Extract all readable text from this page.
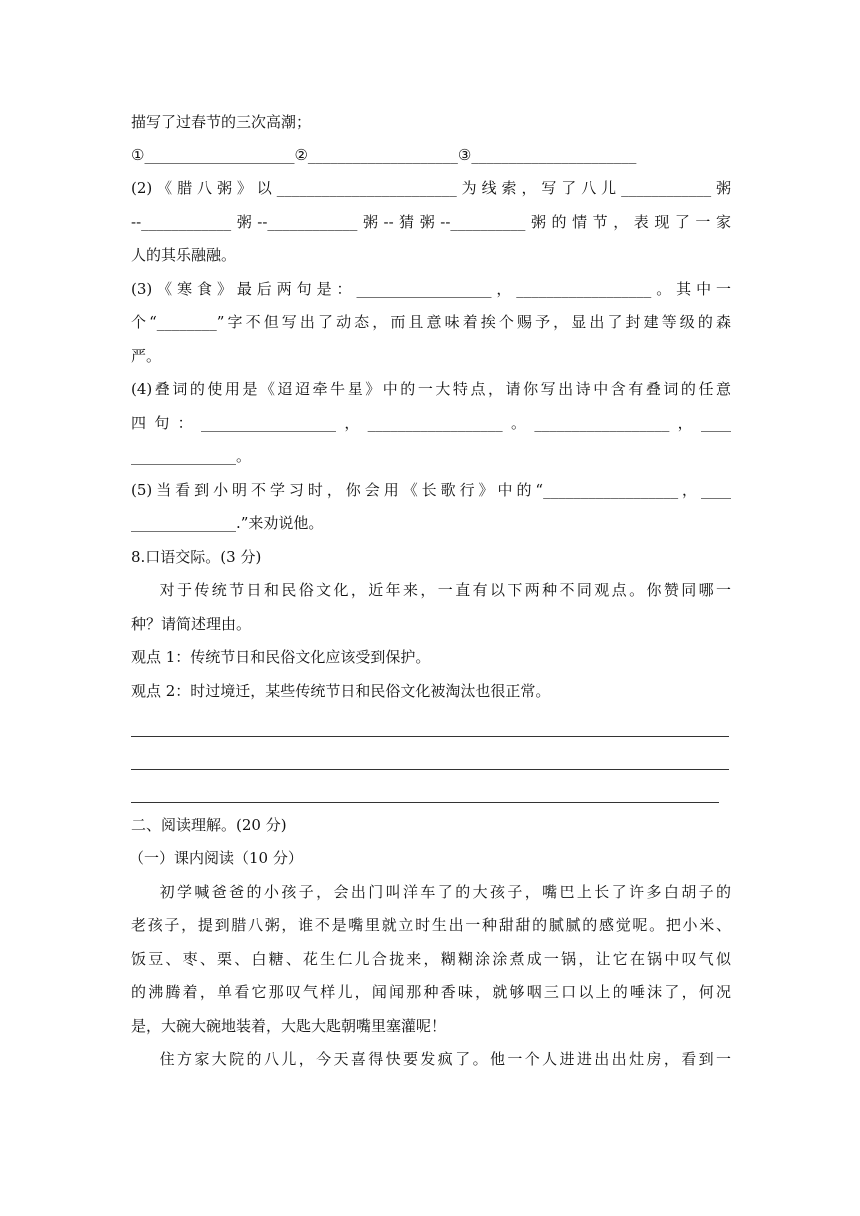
描写了过春节的三次高潮；

①____________________②____________________③______________________

(2)《腊八粥》以________________________为线索，写了八儿____________粥

--____________粥--____________粥--猜粥--__________粥的情节，表现了一家

人的其乐融融。

(3)《寒食》最后两句是：__________________，__________________。其中一

个“________”字不但写出了动态，而且意味着挨个赐予，显出了封建等级的森

严。

(4)叠词的使用是《迢迢牵牛星》中的一大特点，请你写出诗中含有叠词的任意

四句：__________________，__________________。__________________，____

______________。

(5)当看到小明不学习时，你会用《长歌行》中的“__________________，____

______________.”来劝说他。

8.口语交际。(3 分)

对于传统节日和民俗文化，近年来，一直有以下两种不同观点。你赞同哪一

种？请简述理由。

观点 1：传统节日和民俗文化应该受到保护。

观点 2：时过境迁，某些传统节日和民俗文化被淘汰也很正常。

二、阅读理解。(20 分)

（一）课内阅读（10 分）

初学喊爸爸的小孩子，会出门叫洋车了的大孩子，嘴巴上长了许多白胡子的

老孩子，提到腊八粥，谁不是嘴里就立时生出一种甜甜的腻腻的感觉呢。把小米、

饭豆、枣、栗、白糖、花生仁儿合拢来，糊糊涂涂煮成一锅，让它在锅中叹气似

的沸腾着，单看它那叹气样儿，闻闻那种香味，就够咽三口以上的唾沫了，何况

是，大碗大碗地装着，大匙大匙朝嘴里塞灌呢！

住方家大院的八儿，今天喜得快要发疯了。他一个人进进出出灶房，看到一
